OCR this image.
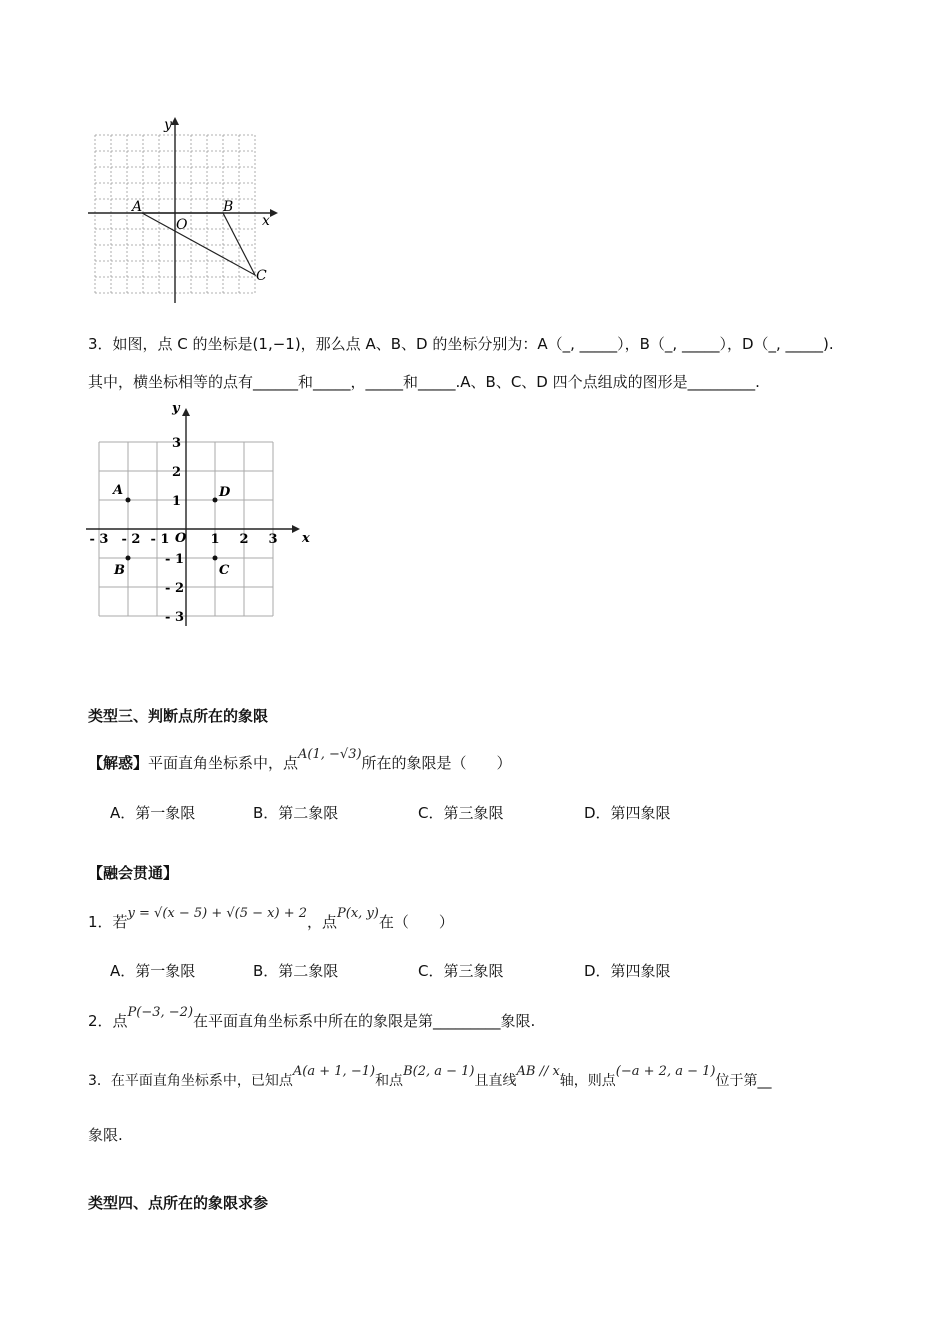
y
x
O
A	B
C
3．如图，点 C 的坐标是(1,−1)，那么点 A、B、D 的坐标分别为：A（_, _____），B（_, _____），D（_, _____).
其中，横坐标相等的点有______和_____，_____和_____.A、B、C、D 四个点组成的图形是_________.
y
x
O
A	D
B	C
- 3 - 2 - 1	1 2 3
3
2
1
- 1
- 2
- 3
类型三、判断点所在的象限
【解惑】平面直角坐标系中，点A(1, −√3)所在的象限是（　　）
A．第一象限	B．第二象限	C．第三象限	D．第四象限
【融会贯通】
1．若y = √(x − 5) + √(5 − x) + 2，点P(x, y)在（　　）
A．第一象限	B．第二象限	C．第三象限	D．第四象限
2．点P(−3, −2)在平面直角坐标系中所在的象限是第_________象限.
3．在平面直角坐标系中，已知点A(a + 1, −1)和点B(2, a − 1)且直线AB // x轴，则点(−a + 2, a − 1)位于第__
象限.
类型四、点所在的象限求参
